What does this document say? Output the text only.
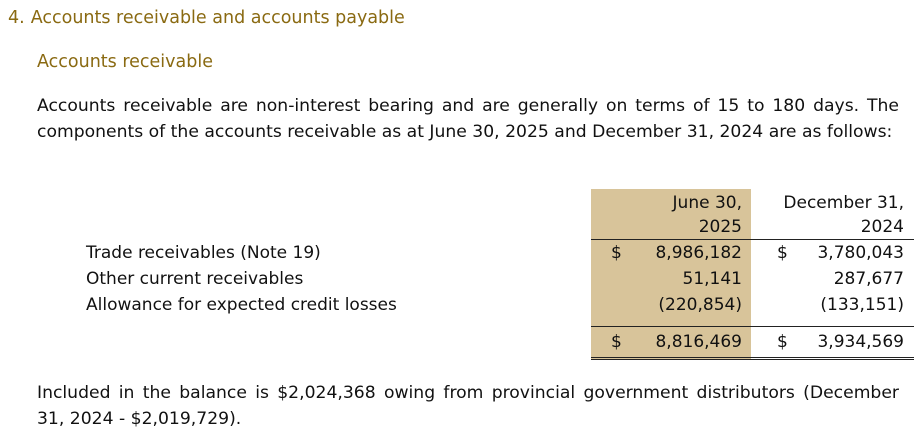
4. Accounts receivable and accounts payable
Accounts receivable
Accounts receivable are non-interest bearing and are generally on terms of 15 to 180 days. The components of the accounts receivable as at June 30, 2025 and December 31, 2024 are as follows:
	June 30,	December 31,
	2025	2024
Trade receivables (Note 19)	$ 8,986,182	$ 3,780,043

Other current receivables	51,141	287,677
Allowance for expected credit losses	(220,854)	(133,151)

	$ 8,816,469	$ 3,934,569
Included in the balance is $2,024,368 owing from provincial government distributors (December 31, 2024 - $2,019,729).
